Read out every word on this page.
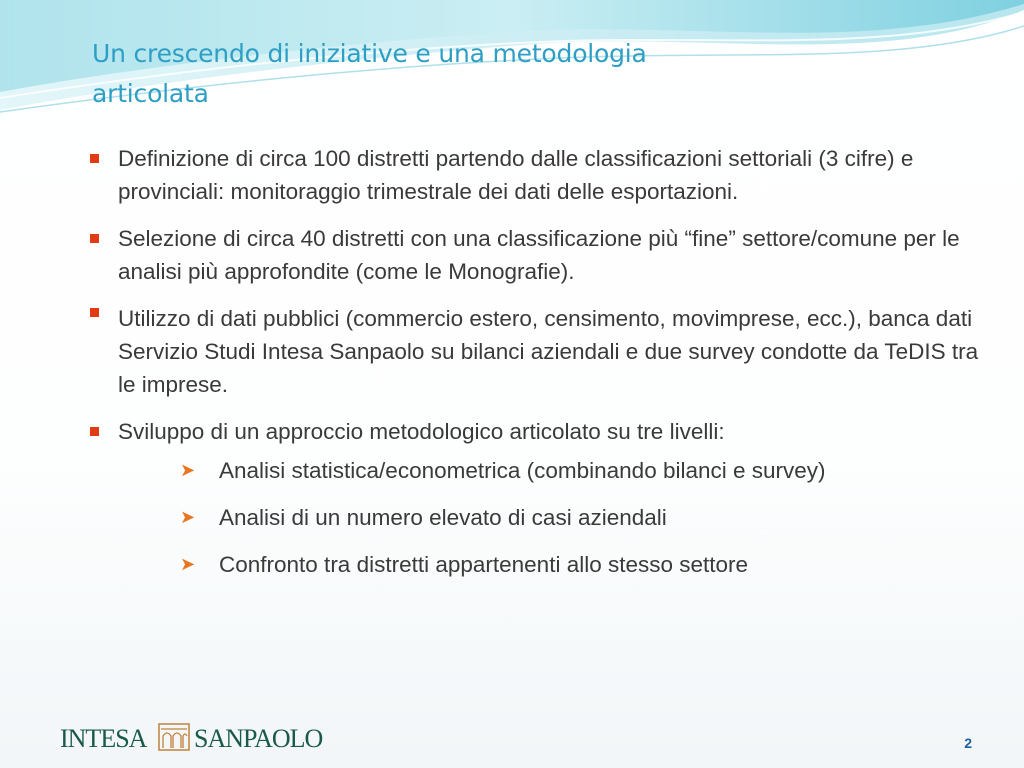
Un crescendo di iniziative e una metodologia
articolata
Definizione di circa 100 distretti partendo dalle classificazioni settoriali (3 cifre) e provinciali: monitoraggio trimestrale dei dati delle esportazioni.
Selezione di circa 40 distretti con una classificazione più “fine” settore/comune per le analisi più approfondite (come le Monografie).
Utilizzo di dati pubblici (commercio estero, censimento, movimprese, ecc.), banca dati Servizio Studi Intesa Sanpaolo su bilanci aziendali e due survey condotte da TeDIS tra le imprese.
Sviluppo di un approccio metodologico articolato su tre livelli:
➤ Analisi statistica/econometrica (combinando bilanci e survey)
➤ Analisi di un numero elevato di casi aziendali
➤ Confronto tra distretti appartenenti allo stesso settore
INTESA SANPAOLO	2
